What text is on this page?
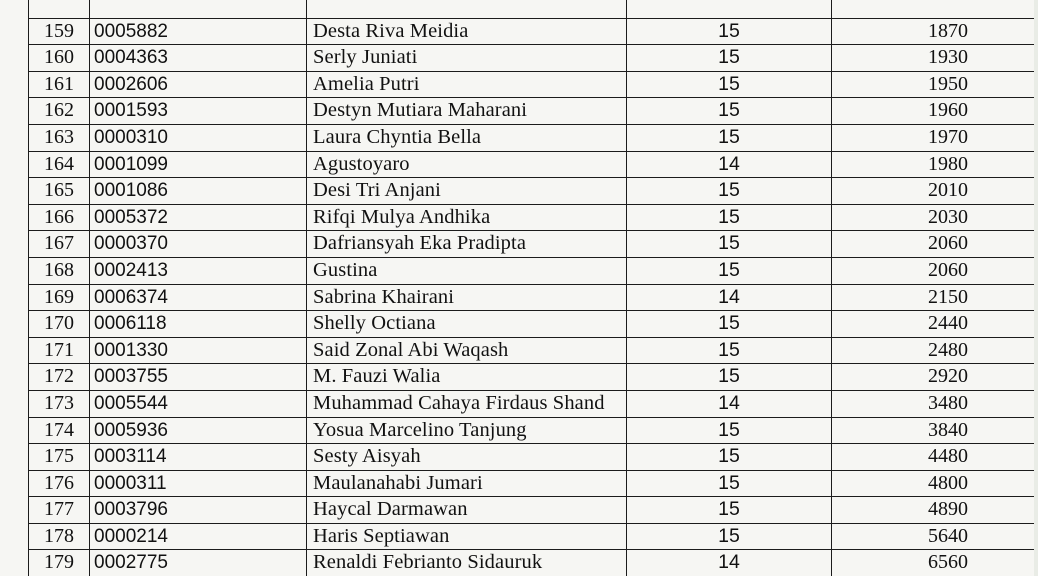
159	0005882	Desta Riva Meidia	15	1870
160	0004363	Serly Juniati	15	1930
161	0002606	Amelia Putri	15	1950
162	0001593	Destyn Mutiara Maharani	15	1960
163	0000310	Laura Chyntia Bella	15	1970
164	0001099	Agustoyaro	14	1980
165	0001086	Desi Tri Anjani	15	2010
166	0005372	Rifqi Mulya Andhika	15	2030
167	0000370	Dafriansyah Eka Pradipta	15	2060
168	0002413	Gustina	15	2060
169	0006374	Sabrina Khairani	14	2150
170	0006118	Shelly Octiana	15	2440
171	0001330	Said Zonal Abi Waqash	15	2480
172	0003755	M. Fauzi Walia	15	2920
173	0005544	Muhammad Cahaya Firdaus Shand	14	3480
174	0005936	Yosua Marcelino Tanjung	15	3840
175	0003114	Sesty Aisyah	15	4480
176	0000311	Maulanahabi Jumari	15	4800
177	0003796	Haycal Darmawan	15	4890
178	0000214	Haris Septiawan	15	5640
179	0002775	Renaldi Febrianto Sidauruk	14	6560
